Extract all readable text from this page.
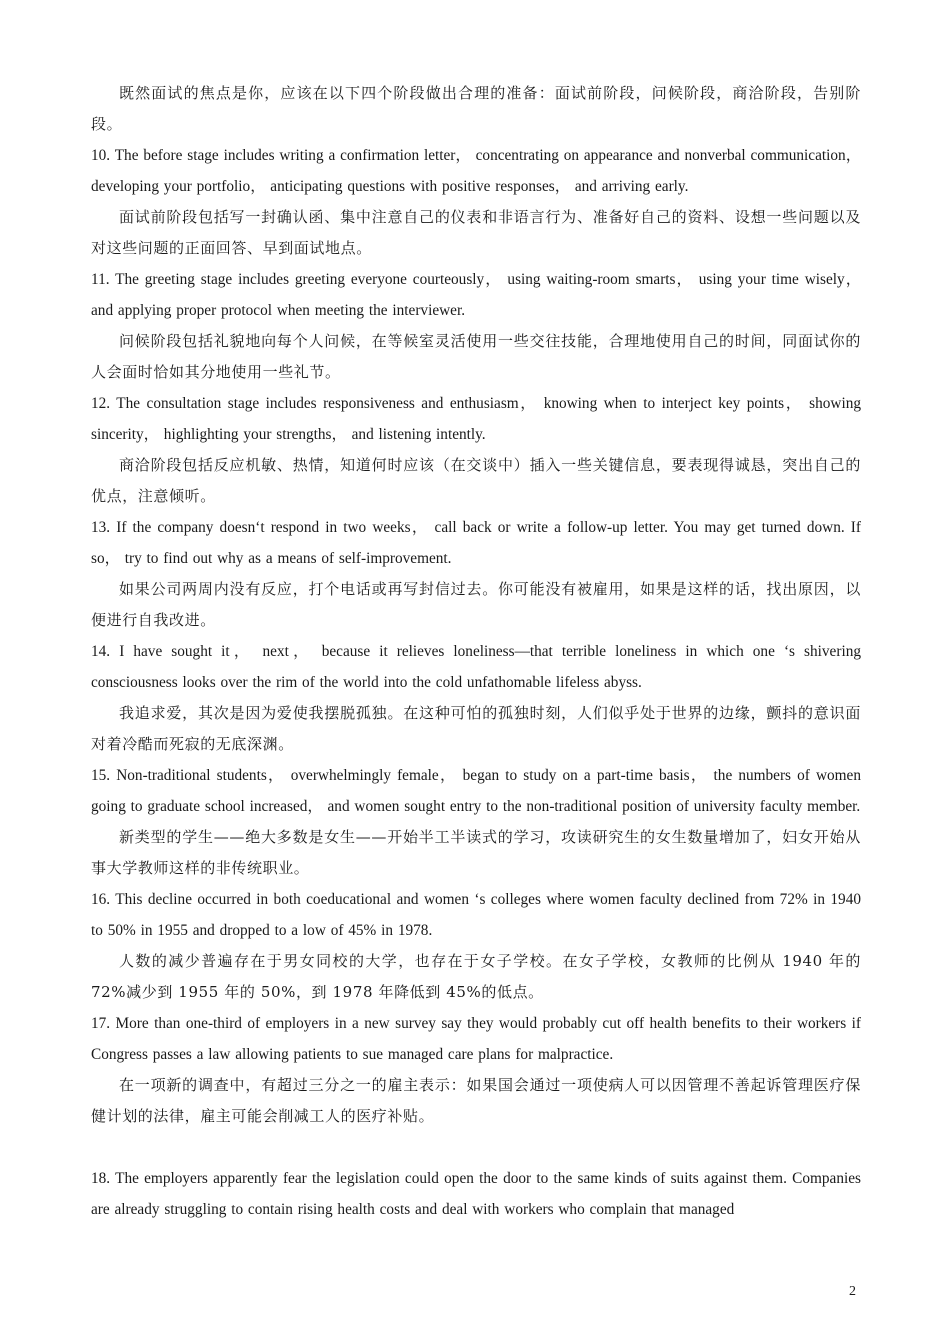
既然面试的焦点是你，应该在以下四个阶段做出合理的准备：面试前阶段，问候阶段，商洽阶段，告别阶段。

10. The before stage includes writing a confirmation letter， concentrating on appearance and nonverbal communication， developing your portfolio， anticipating questions with positive responses， and arriving early.

面试前阶段包括写一封确认函、集中注意自己的仪表和非语言行为、准备好自己的资料、设想一些问题以及对这些问题的正面回答、早到面试地点。

11. The greeting stage includes greeting everyone courteously， using waiting-room smarts， using your time wisely， and applying proper protocol when meeting the interviewer.

问候阶段包括礼貌地向每个人问候，在等候室灵活使用一些交往技能，合理地使用自己的时间，同面试你的人会面时恰如其分地使用一些礼节。

12. The consultation stage includes responsiveness and enthusiasm， knowing when to interject key points， showing sincerity， highlighting your strengths， and listening intently.

商洽阶段包括反应机敏、热情，知道何时应该（在交谈中）插入一些关键信息，要表现得诚恳，突出自己的优点，注意倾听。

13. If the company doesn‘t respond in two weeks， call back or write a follow-up letter. You may get turned down. If so， try to find out why as a means of self-improvement.

如果公司两周内没有反应，打个电话或再写封信过去。你可能没有被雇用，如果是这样的话，找出原因，以便进行自我改进。

14. I have sought it， next， because it relieves loneliness—that terrible loneliness in which one ‘s shivering consciousness looks over the rim of the world into the cold unfathomable lifeless abyss.

我追求爱，其次是因为爱使我摆脱孤独。在这种可怕的孤独时刻，人们似乎处于世界的边缘，颤抖的意识面对着冷酷而死寂的无底深渊。

15. Non-traditional students， overwhelmingly female， began to study on a part-time basis， the numbers of women going to graduate school increased， and women sought entry to the non-traditional position of university faculty member.

新类型的学生——绝大多数是女生——开始半工半读式的学习，攻读研究生的女生数量增加了，妇女开始从事大学教师这样的非传统职业。

16. This decline occurred in both coeducational and women ‘s colleges where women faculty declined from 72% in 1940 to 50% in 1955 and dropped to a low of 45% in 1978.

人数的减少普遍存在于男女同校的大学，也存在于女子学校。在女子学校，女教师的比例从 1940 年的 72%减少到 1955 年的 50%，到 1978 年降低到 45%的低点。

17. More than one-third of employers in a new survey say they would probably cut off health benefits to their workers if Congress passes a law allowing patients to sue managed care plans for malpractice.

在一项新的调查中，有超过三分之一的雇主表示：如果国会通过一项使病人可以因管理不善起诉管理医疗保健计划的法律，雇主可能会削减工人的医疗补贴。

18. The employers apparently fear the legislation could open the door to the same kinds of suits against them. Companies are already struggling to contain rising health costs and deal with workers who complain that managed

2
